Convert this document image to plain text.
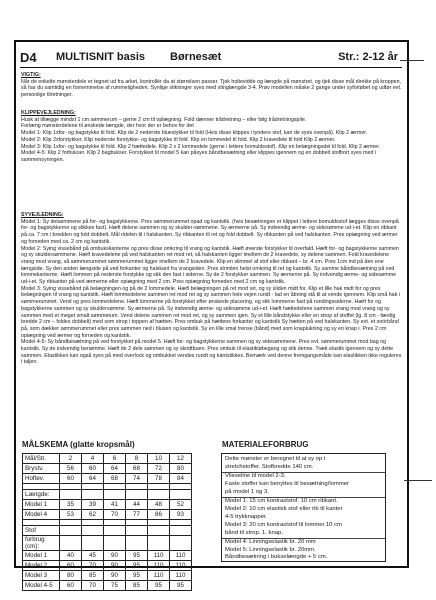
D4 MULTISNIT basis Børnesæt	Str.: 2-12 år
VIGTIG:

Når de enkelte mønsterdele er tegnet ud fra arket, kontrollér da at størrelsen passer. Tjek holtevidde og længde på mønstret, og tjek disse mål direkte på kroppen, så har du samtidig en fornemmelse af rummeligheden. Synlige stikninger syes med stinglængde 3-4. Prøv modellen måske 2 gange under syforløbet og udfør evt. personlige tilretninger.

KLIPPEVEJLEDNING:

Husk at tillægge mindst 1 cm sømmerum – gerne 2 cm til oplægning. Fold dænner trådretning – eller følg trådretningspile.

Forlæng mønsterdelene til ønskede længde, der hvor der er behov for det

Model 1: Klip 1xfor- og bagstykke til fold. Klip de 2 nederste bluestykker til fold (Hvis disse klippes i tyndere stof, kan de syes ovenpå). Klip 2 ærmer.

Model 2: Klip 2xforstykker. Klip nederste forstykke- og bagstykke til fold. Klip en lommedel til fold. Klip 2 kravedele til fold Klip 2 ærmer.

Model 3: Klip 1xfor- og bagstykke til fold. Klip 2 hættedele. Klip 2 x 2 lommedele (gerne i lettere bomuldsstof). Klip en belægningsdel til fold. Klip 2 ærmer.

Model 4-5: Klip 2 forbukser. Klip 2 bagbukser. Forstykket til model 5 kan påsyes båndbesætning eller klippes igennem og en dobbelt stofbort syes med i sammensyningen.

SYVEJLEDNING:

Model 1: Sy delsømmene på for- og bagstykkerne. Pres sømmerummet opad og kantstik. (hvis besætningen er klippet i lettere bomuldsstof lægges disse ovenpå for- og bagstykkerne og stikkes fast). Hæft delene sammen og sy skulder-sømmene. Sy ærmerne på. Sy indvendig ærme- og sidesømme ud-i-et. Klip en ribkant på ca. 7 cm i bredden og fold dobbelt. Mål ridelen til i halskanten. Sy ribkanten til ret og fold dobbelt. Sy ribkanten på ved halskanten. Pres opiægning ved ærmer og forneden med ca. 2 cm og kantstik.

Model 2: Sying vissebånd på ombukskanterne og pres disse omkring til vrang og kantstik. Hæft øverste forstykker til overfald. Hæft for- og bagstykkerne sammen og sy skuldersømmene. Hæft kravedelene på ved halskanten ret mod ret, så halskanten ligger imellem de 2 kravedele, sy delene sammen. Fold kravedelene vrang mod vrang, så sømmerummet sømmerummet ligger imellem de 2 kravedele. Klip en slimmel af stof eller ribkant – br. 4 cm. Pres 1cm ind på den ene længside. Sy den anden længside på ved forkanter og halskant fra vrangsiden. Pres strimlen helst omkring til ret og kantstik. Sy samme båndbesætning på ved lommekanterne. Hæft lommen på nederste forstykke og stik den fast i siderne. Sy de 2 forstykker sammen. Sy ærmerne på. Sy indvendig ærme- og sidesømme ud-i-et. Sy ribkanter på ved ærmerne eller opiægning med 2 cm. Pres opiægning forneden med 2 cm og kantstik.

Model 3: Sying vissebånd på belægningen og på de 2 lommedele. Hæft belægningen på ret mod ret, og sy sliden midt for. Klip et lille hak midt for og pres belægningen til vrang og kantstik. Hæft lommedelene sammen ret mod ret og sy sammen hele vejen rundt - lad en åbning stå til at vende igennem. Klip små hak i sømmerummet. Vend og pres lommedelene. Hæft lommerne på forstykket efter ønskede placering, og stik lommerne fast på rundingssiderne. Hæft for og bagstykkerne sammen og sy skuldersømme. Sy ærmerne på. Sy indvendig ærme- og sidesømme ud-i-et. Hæft hættedelene sammen vrang mod vrang og sy sammen med et meget smalt sømmerum. Vend delene sammen ret mod ret, og sy sammen igen. Sy et lille båndstykke eller en strop af stoffet (lg. 8 cm - færdig bredde 2 cm – foldes dobbelt) med som strop i toppen af hætten. Pres ombuk på hættens forkanter og kantstik Sy hætten på ved halskanten. Sy evt. et snörbånd på, som dækker sømmerummet eller pres sømmen ned i blusen og kantstik. Sy en lille smal trense (bånd) med som knaplukning og sy en knap i. Pres 2 cm opiægning ved ærmer og forneden og kantstik.

Model 4-5: Sy båndbesætning på ved forstykket på model 5. Hæft for- og bagstykkerne sammen og sy sidesømmene. Pres evt. sømmerummet mod bag og kantstik. Sy de indvendig benømme. Hæft de 2 dele sammen og sy skridtbuen. Pres ombuk til elastikløbegang og stik denne. Træk elastik igennem og sy dette sammen. Elastikken kan også syes på med overlock og ombukket vendes rundt og kantstikkes. Bemærk ved denne fremgangsmåde kan elastikken ikke reguleres i taljen.

MÅLSKEMA (glatte kropsmål)	MATERIALEFORBRUG
Mål/Str.	2	4	6	8	10	12
Brystv.	56	60	64	68	72	80
Hoftev.	60	64	68	74	78	84

Længde:						
Model 1	35	39	41	44	48	52
Model 4	53	62	70	77	86	93

Stof						
forbrug (cm):						
Model 1	40	45	90	95	110	110
Model 2	60	70	90	95	110	110
Model 3	80	85	90	95	110	110
Model 4-5	60	70	75	85	95	95
Dette mønster er beregnet til at sy op i
stretchstoffer. Stofbredde 140 cm.
Vlieseline til model 2-3.
Faste stoffer kan benyttes til besætning/lommer
på model 1 og 3.
Model 1: 15 cm kontraststof. 10 cm ribkant.
Model 2: 10 cm elastisk stof eller rib til kanter
4-5 trykknapper.
Model 3: 20 cm kontraststof til lommer.10 cm
bånd til strop. 1. knap.
Model 4: Linningselastik br. 20 mm
Model 5: Linningselastik br. 20mm.
Båndbesætning i bukselængde + 5 cm.
